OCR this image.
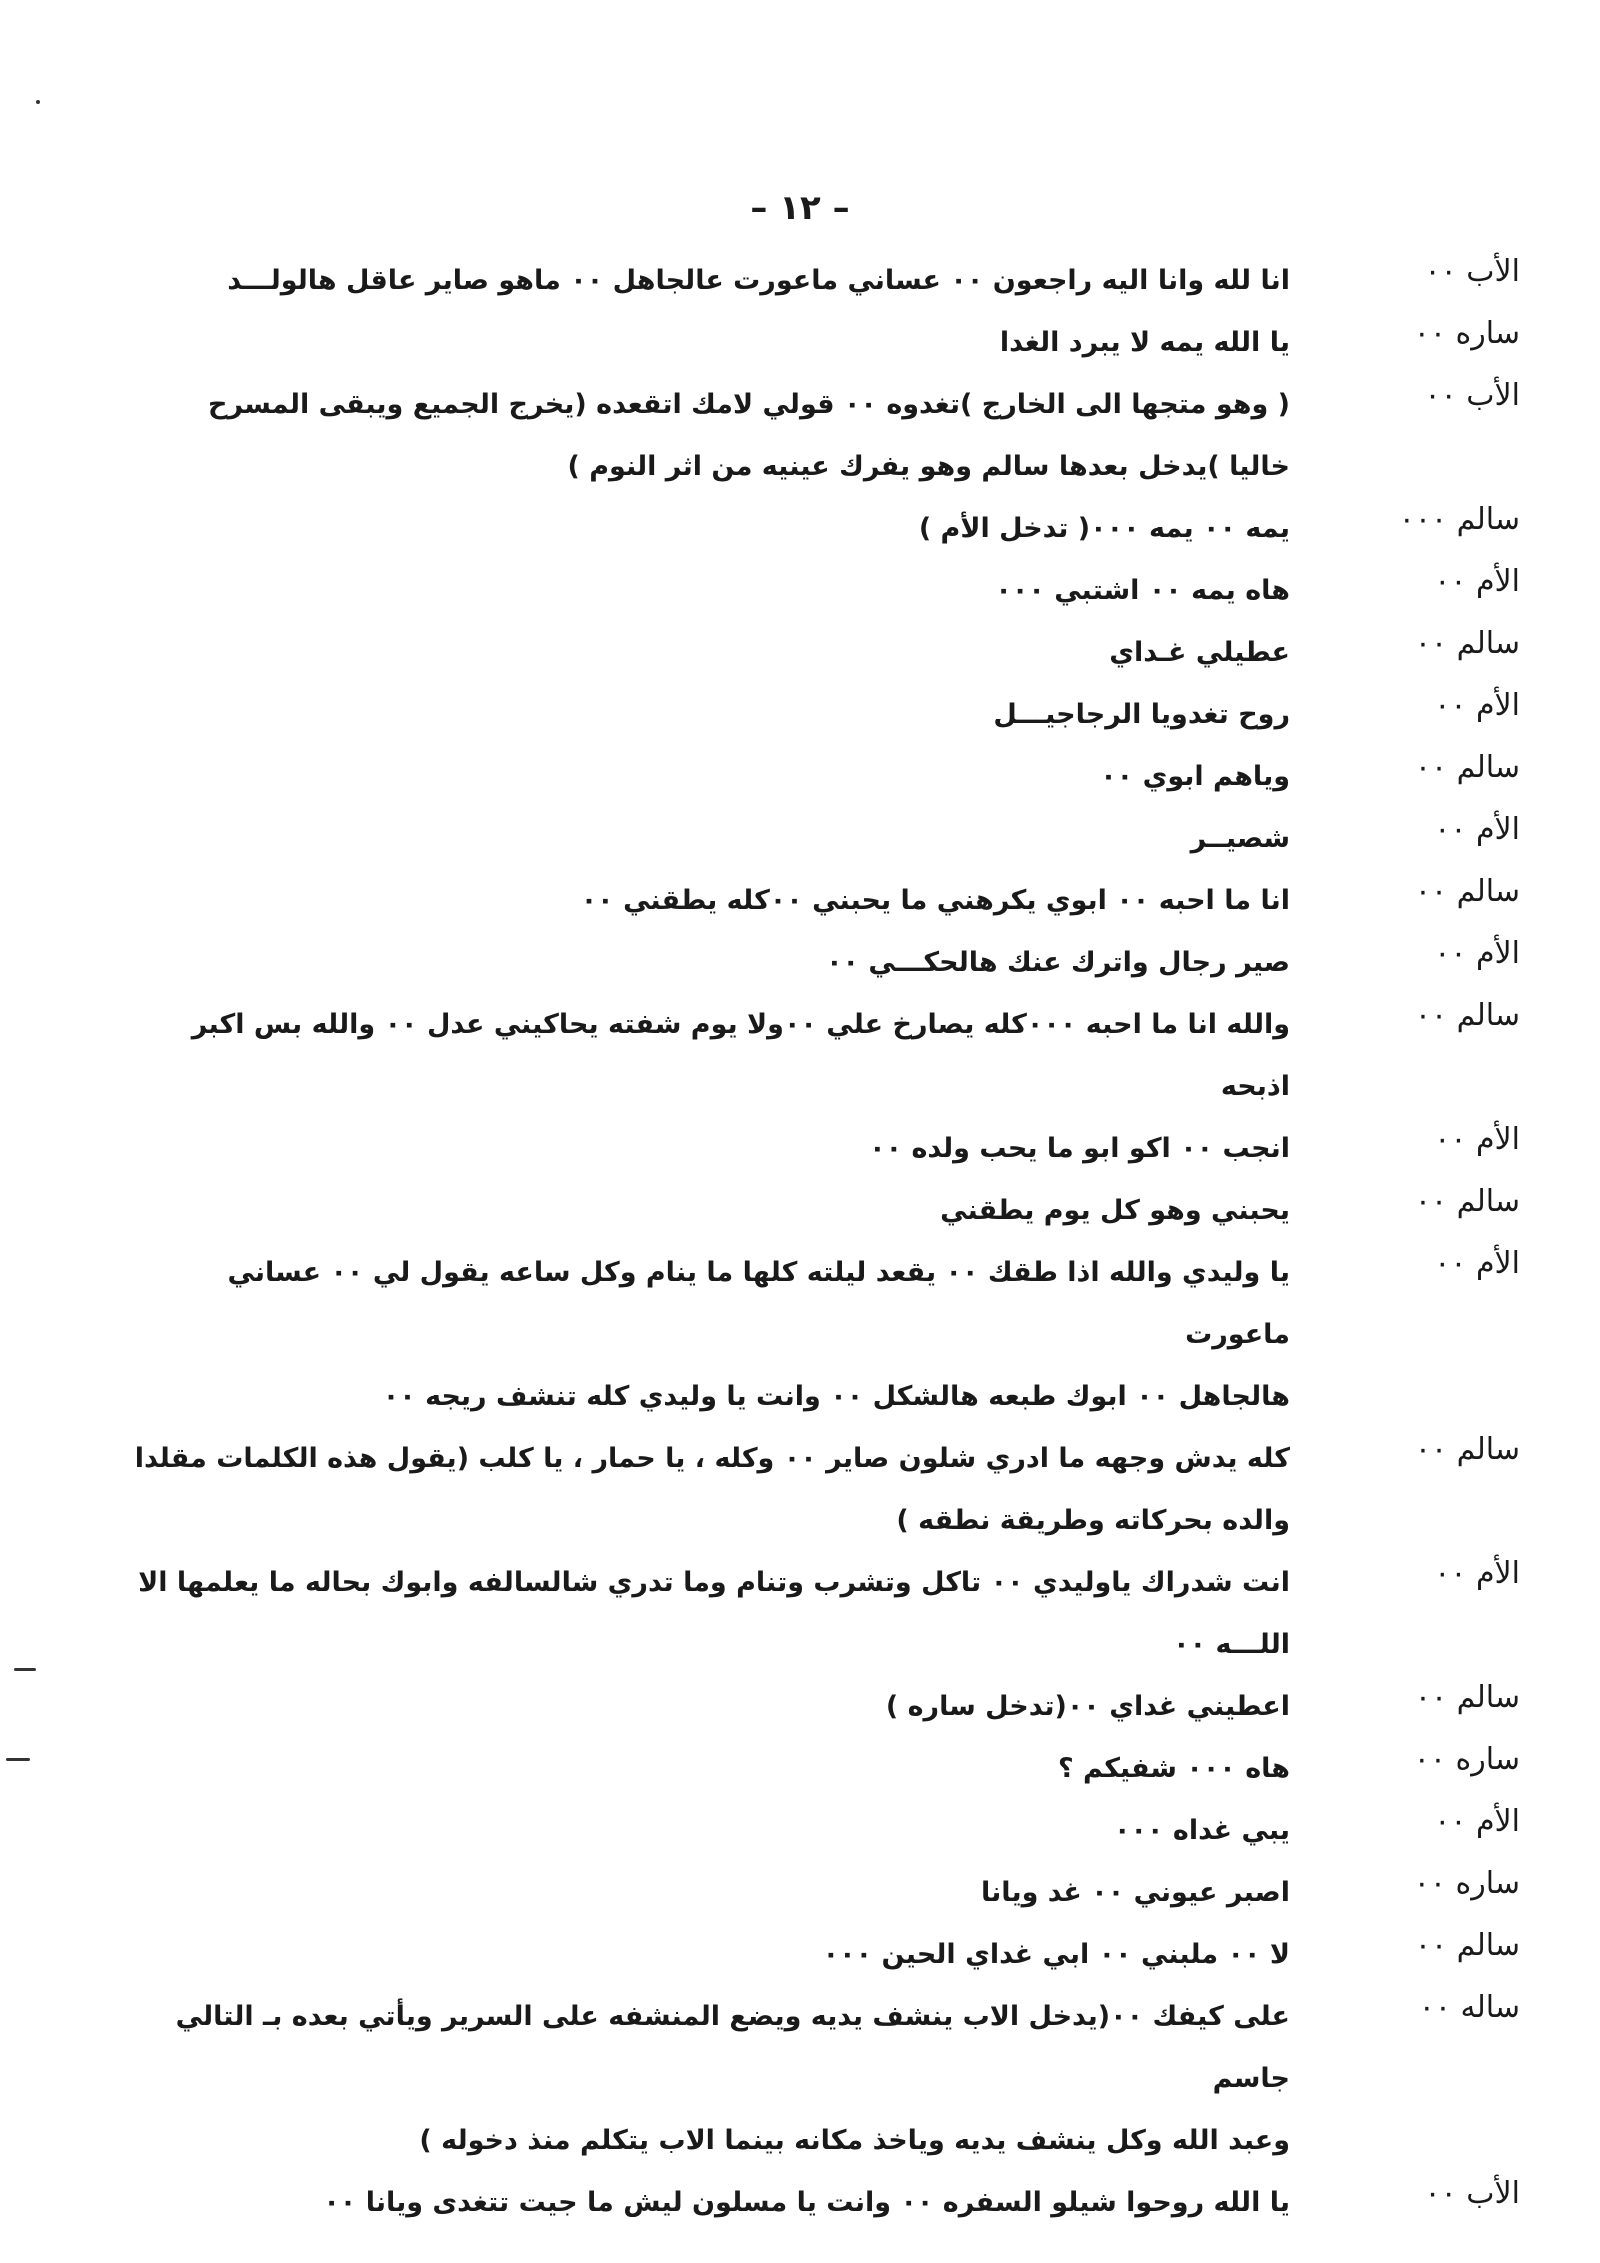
– ١٢ –
الأب ٠٠
انا لله وانا اليه راجعون ٠٠ عساني ماعورت عالجاهل ٠٠ ماهو صاير عاقل هالولـــد
ساره ٠٠
يا الله يمه لا يبرد الغدا
الأب ٠٠
( وهو متجها الى الخارج )تغدوه ٠٠ قولي لامك اتقعده (يخرج الجميع ويبقى المسرح
خاليا )يدخل بعدها سالم وهو يفرك عينيه من اثر النوم )
سالم ٠٠٠
يمه ٠٠ يمه ٠٠٠( تدخل الأم )
الأم ٠٠
هاه يمه ٠٠ اشتبي ٠٠٠
سالم ٠٠
عطيلي غـداي
الأم ٠٠
روح تغدويا الرجاجيـــل
سالم ٠٠
وياهم ابوي ٠٠
الأم ٠٠
شصيــر
سالم ٠٠
انا ما احبه ٠٠ ابوي يكرهني ما يحبني ٠٠كله يطقني ٠٠
الأم ٠٠
صير رجال واترك عنك هالحكـــي ٠٠
سالم ٠٠
والله انا ما احبه ٠٠٠كله يصارخ علي ٠٠ولا يوم شفته يحاكيني عدل ٠٠ والله بس اكبر اذبحه
الأم ٠٠
انجب ٠٠ اكو ابو ما يحب ولده ٠٠
سالم ٠٠
يحبني وهو كل يوم يطقني
الأم ٠٠
يا وليدي والله اذا طقك ٠٠ يقعد ليلته كلها ما ينام وكل ساعه يقول لي ٠٠ عساني ماعورت
هالجاهل ٠٠ ابوك طبعه هالشكل ٠٠ وانت يا وليدي كله تنشف ريجه ٠٠
سالم ٠٠
كله يدش وجهه ما ادري شلون صاير ٠٠ وكله ، يا حمار ، يا كلب (يقول هذه الكلمات مقلدا
والده بحركاته وطريقة نطقه )
الأم ٠٠
انت شدراك ياوليدي ٠٠ تاكل وتشرب وتنام وما تدري شالسالفه وابوك بحاله ما يعلمها الا
اللـــه ٠٠
سالم ٠٠
اعطيني غداي ٠٠(تدخل ساره )
ساره ٠٠
هاه ٠٠٠ شفيكم ؟
الأم ٠٠
يبي غداه ٠٠٠
ساره ٠٠
اصبر عيوني ٠٠ غد ويانا
سالم ٠٠
لا ٠٠ ملبني ٠٠ ابي غداي الحين ٠٠٠
ساله ٠٠
على كيفك ٠٠(يدخل الاب ينشف يديه ويضع المنشفه على السرير ويأتي بعده بـ التالي جاسم
وعبد الله وكل ينشف يديه وياخذ مكانه بينما الاب يتكلم منذ دخوله )
الأب ٠٠
يا الله روحوا شيلو السفره ٠٠ وانت يا مسلون ليش ما جيت تتغدى ويانا ٠٠
